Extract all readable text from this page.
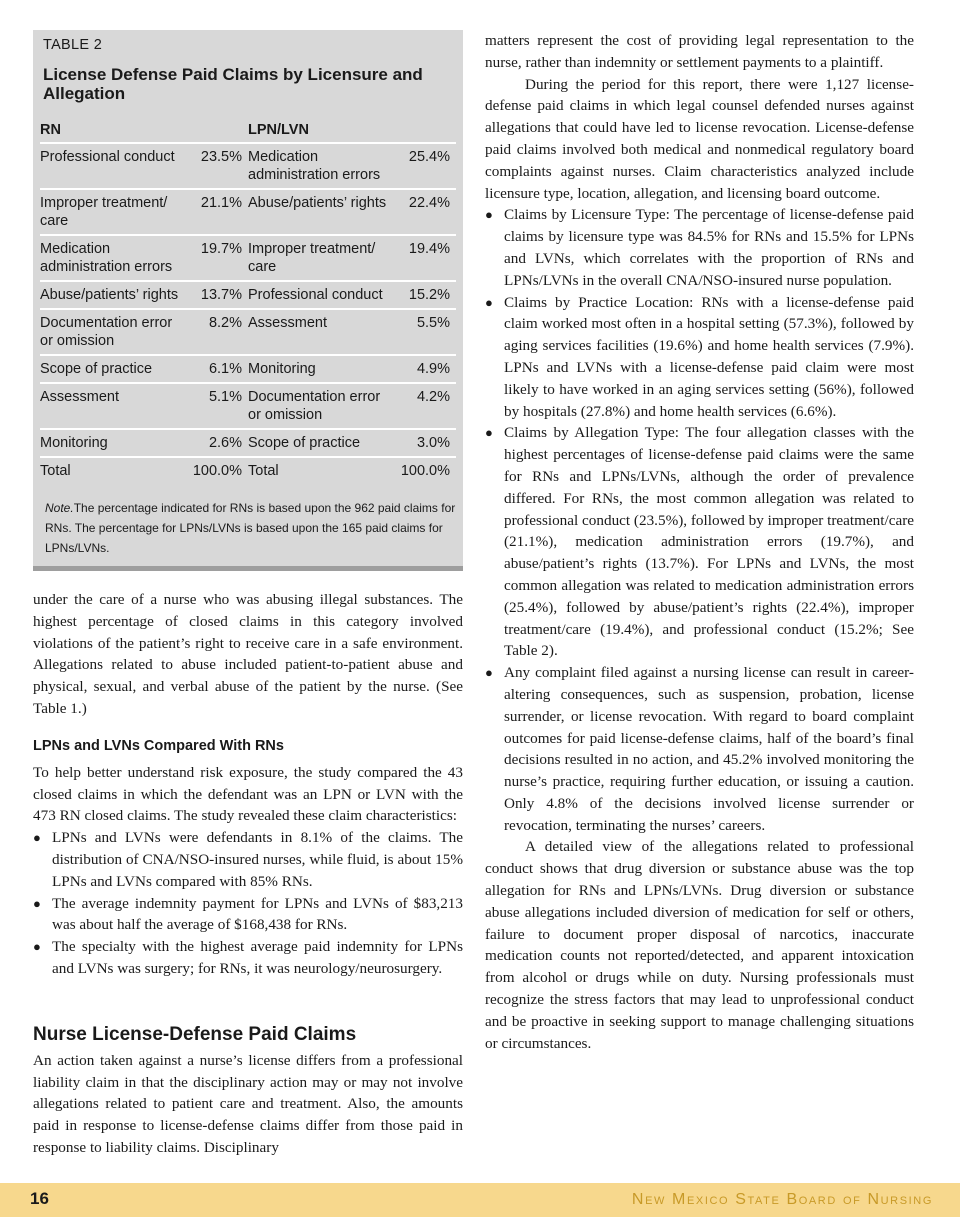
TABLE 2
License Defense Paid Claims by Licensure and Allegation
RN		LPN/LVN	
Professional conduct	23.5%	Medication administration errors	25.4%
Improper treatment/ care	21.1%	Abuse/patients’ rights	22.4%
Medication administration errors	19.7%	Improper treatment/ care	19.4%
Abuse/patients’ rights	13.7%	Professional conduct	15.2%
Documentation error or omission	8.2%	Assessment	5.5%
Scope of practice	6.1%	Monitoring	4.9%
Assessment	5.1%	Documentation error or omission	4.2%
Monitoring	2.6%	Scope of practice	3.0%
Total	100.0%	Total	100.0%
Note.The percentage indicated for RNs is based upon the 962 paid claims for RNs. The percentage for LPNs/LVNs is based upon the 165 paid claims for LPNs/LVNs.

under the care of a nurse who was abusing illegal substances. The highest percentage of closed claims in this category involved violations of the patient’s right to receive care in a safe environment. Allegations related to abuse included patient-to-patient abuse and physical, sexual, and verbal abuse of the patient by the nurse. (See Table 1.)

LPNs and LVNs Compared With RNs

To help better understand risk exposure, the study compared the 43 closed claims in which the defendant was an LPN or LVN with the 473 RN closed claims. The study revealed these claim characteristics:

● LPNs and LVNs were defendants in 8.1% of the claims. The distribution of CNA/NSO-insured nurses, while fluid, is about 15% LPNs and LVNs compared with 85% RNs.
● The average indemnity payment for LPNs and LVNs of $83,213 was about half the average of $168,438 for RNs.
● The specialty with the highest average paid indemnity for LPNs and LVNs was surgery; for RNs, it was neurology/neurosurgery.
Nurse License-Defense Paid Claims

An action taken against a nurse’s license differs from a professional liability claim in that the disciplinary action may or may not involve allegations related to patient care and treatment. Also, the amounts paid in response to license-defense claims differ from those paid in response to liability claims. Disciplinary

matters represent the cost of providing legal representation to the nurse, rather than indemnity or settlement payments to a plaintiff.

During the period for this report, there were 1,127 license-defense paid claims in which legal counsel defended nurses against allegations that could have led to license revocation. License-defense paid claims involved both medical and nonmedical regulatory board complaints against nurses. Claim characteristics analyzed include licensure type, location, allegation, and licensing board outcome.

● Claims by Licensure Type: The percentage of license-defense paid claims by licensure type was 84.5% for RNs and 15.5% for LPNs and LVNs, which correlates with the proportion of RNs and LPNs/LVNs in the overall CNA/NSO-insured nurse population.
● Claims by Practice Location: RNs with a license-defense paid claim worked most often in a hospital setting (57.3%), followed by aging services facilities (19.6%) and home health services (7.9%). LPNs and LVNs with a license-defense paid claim were most likely to have worked in an aging services setting (56%), followed by hospitals (27.8%) and home health services (6.6%).
● Claims by Allegation Type: The four allegation classes with the highest percentages of license-defense paid claims were the same for RNs and LPNs/LVNs, although the order of prevalence differed. For RNs, the most common allegation was related to professional conduct (23.5%), followed by improper treatment/care (21.1%), medication administration errors (19.7%), and abuse/patient’s rights (13.7%). For LPNs and LVNs, the most common allegation was related to medication administration errors (25.4%), followed by abuse/patient’s rights (22.4%), improper treatment/care (19.4%), and professional conduct (15.2%; See Table 2).
● Any complaint filed against a nursing license can result in career-altering consequences, such as suspension, probation, license surrender, or license revocation. With regard to board complaint outcomes for paid license-defense claims, half of the board’s final decisions resulted in no action, and 45.2% involved monitoring the nurse’s practice, requiring further education, or issuing a caution. Only 4.8% of the decisions involved license surrender or revocation, terminating the nurses’ careers.

A detailed view of the allegations related to professional conduct shows that drug diversion or substance abuse was the top allegation for RNs and LPNs/LVNs. Drug diversion or substance abuse allegations included diversion of medication for self or others, failure to document proper disposal of narcotics, inaccurate medication counts not reported/detected, and apparent intoxication from alcohol or drugs while on duty. Nursing professionals must recognize the stress factors that may lead to unprofessional conduct and be proactive in seeking support to manage challenging situations or circumstances.

16	New Mexico State Board of Nursing
